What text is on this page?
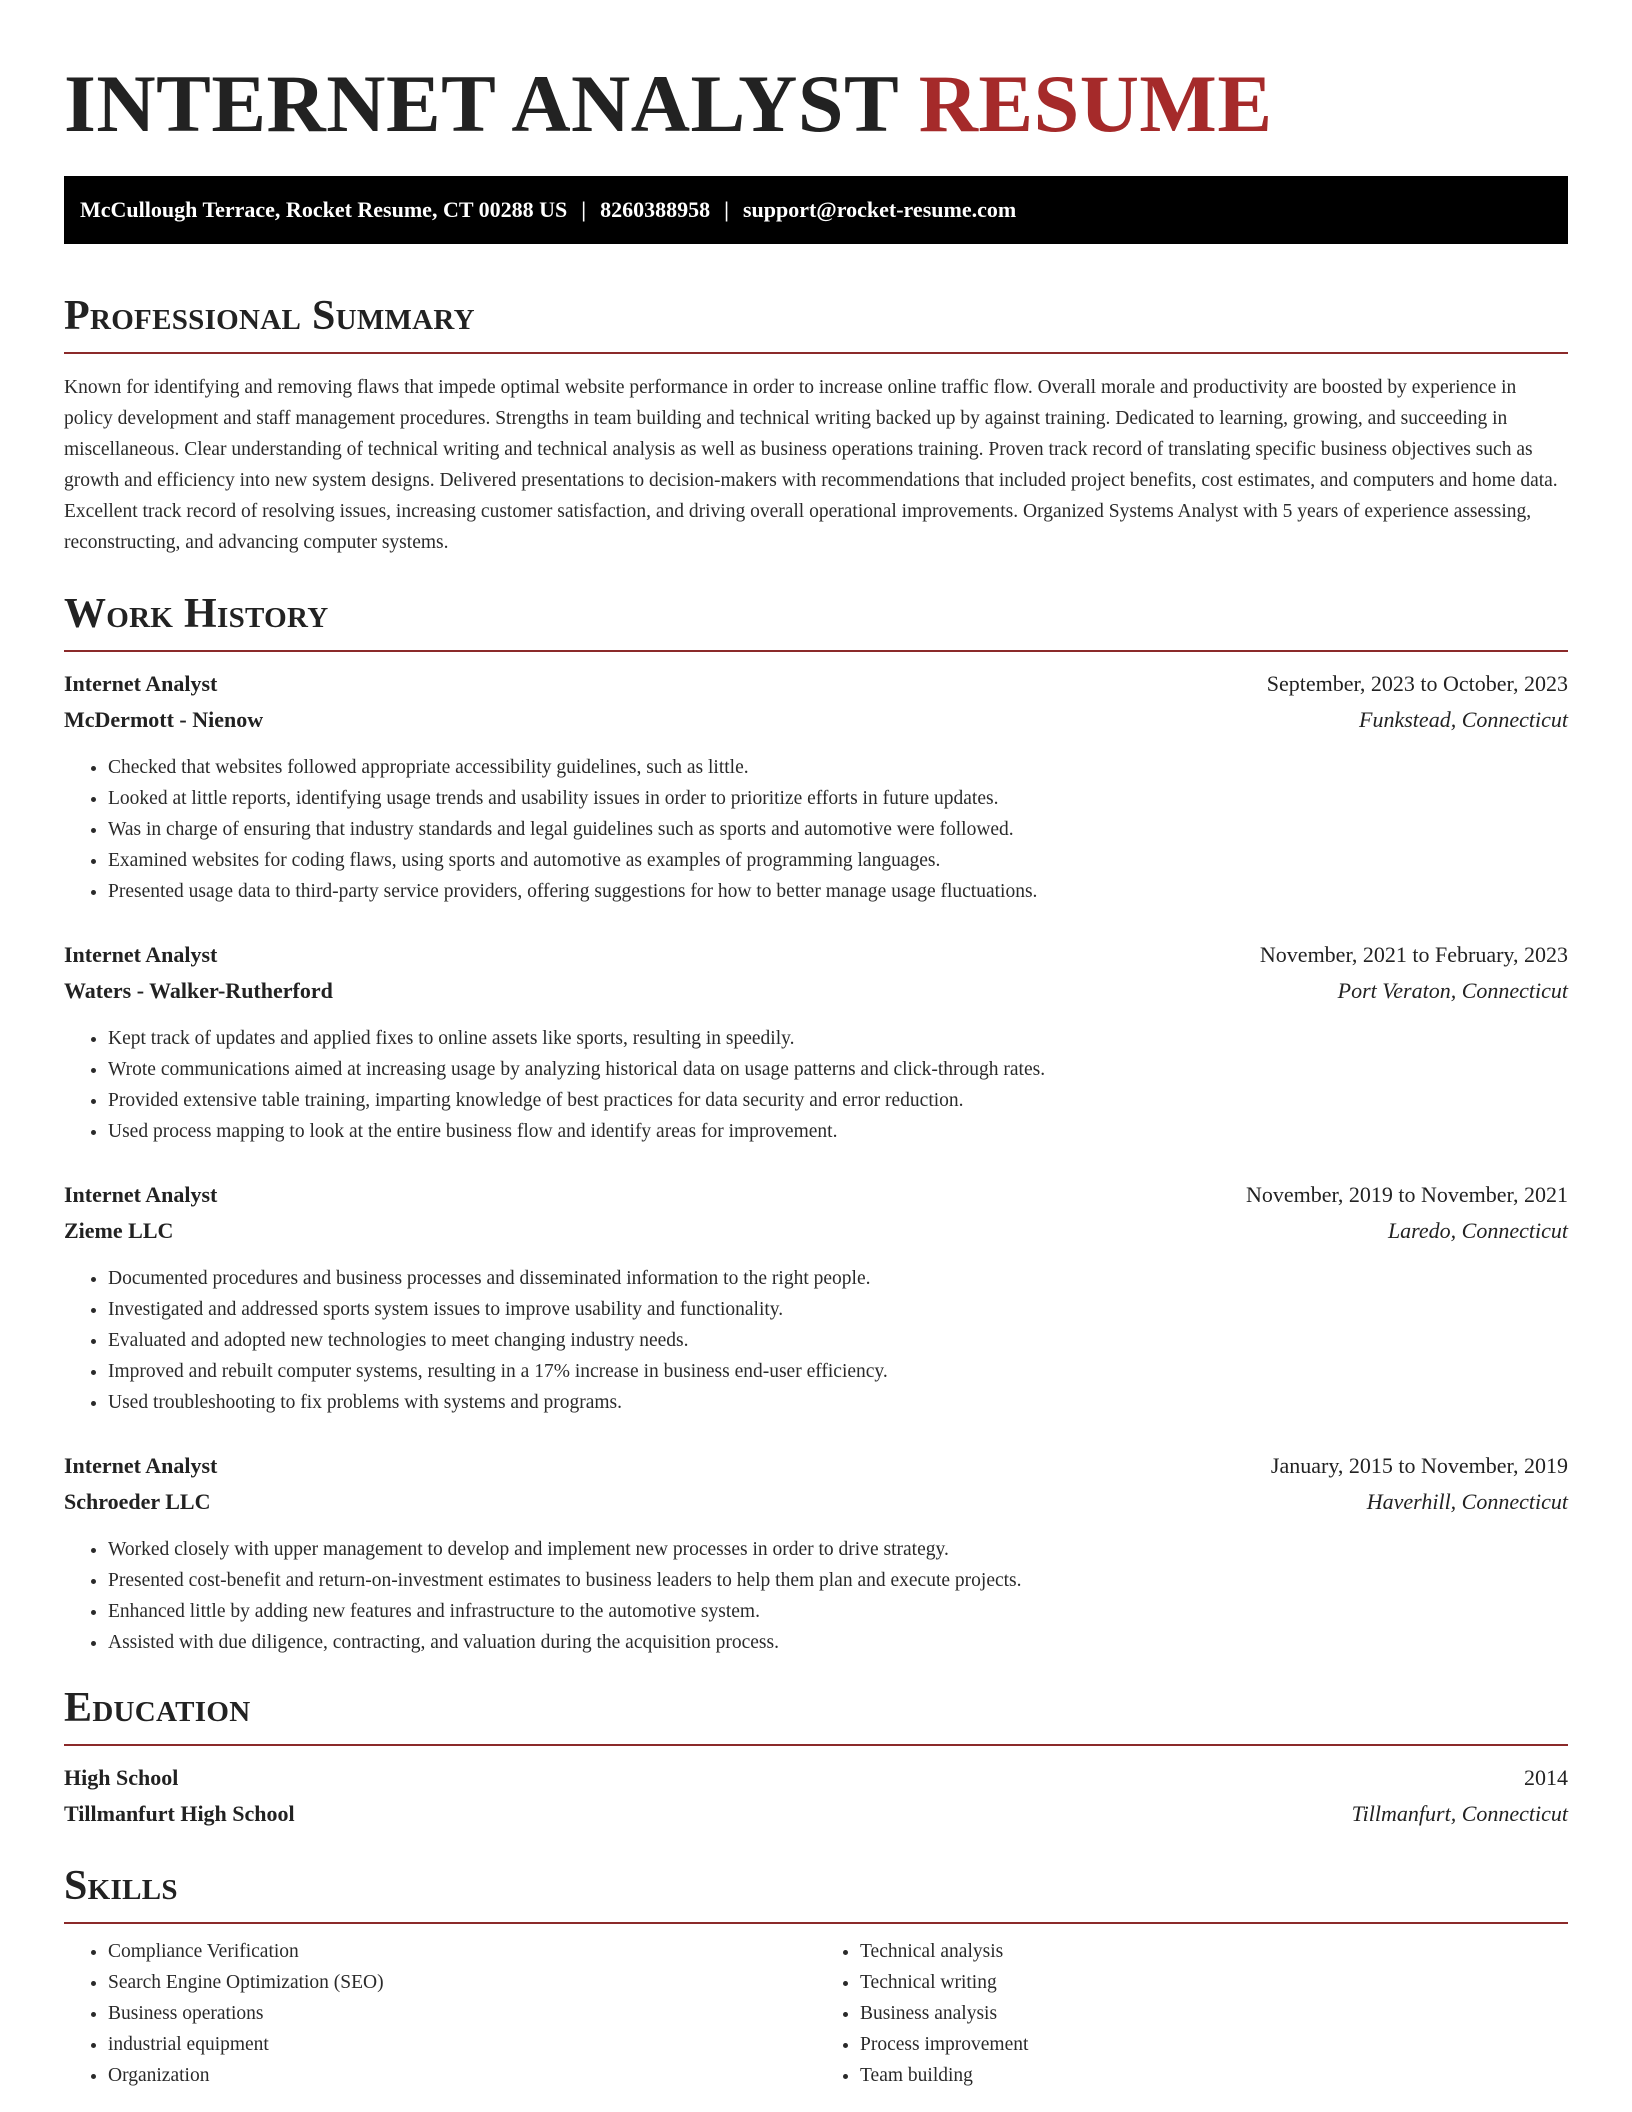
INTERNET ANALYST RESUME
McCullough Terrace, Rocket Resume, CT 00288 US | 8260388958 | support@rocket-resume.com
Professional Summary

Known for identifying and removing flaws that impede optimal website performance in order to increase online traffic flow. Overall morale and productivity are boosted by experience in policy development and staff management procedures. Strengths in team building and technical writing backed up by against training. Dedicated to learning, growing, and succeeding in miscellaneous. Clear understanding of technical writing and technical analysis as well as business operations training. Proven track record of translating specific business objectives such as growth and efficiency into new system designs. Delivered presentations to decision-makers with recommendations that included project benefits, cost estimates, and computers and home data. Excellent track record of resolving issues, increasing customer satisfaction, and driving overall operational improvements. Organized Systems Analyst with 5 years of experience assessing, reconstructing, and advancing computer systems.

Work History
Internet Analyst	September, 2023 to October, 2023
McDermott - Nienow	Funkstead, Connecticut
• Checked that websites followed appropriate accessibility guidelines, such as little.
• Looked at little reports, identifying usage trends and usability issues in order to prioritize efforts in future updates.
• Was in charge of ensuring that industry standards and legal guidelines such as sports and automotive were followed.
• Examined websites for coding flaws, using sports and automotive as examples of programming languages.
• Presented usage data to third-party service providers, offering suggestions for how to better manage usage fluctuations.
Internet Analyst	November, 2021 to February, 2023
Waters - Walker-Rutherford	Port Veraton, Connecticut
• Kept track of updates and applied fixes to online assets like sports, resulting in speedily.
• Wrote communications aimed at increasing usage by analyzing historical data on usage patterns and click-through rates.
• Provided extensive table training, imparting knowledge of best practices for data security and error reduction.
• Used process mapping to look at the entire business flow and identify areas for improvement.
Internet Analyst	November, 2019 to November, 2021
Zieme LLC	Laredo, Connecticut
• Documented procedures and business processes and disseminated information to the right people.
• Investigated and addressed sports system issues to improve usability and functionality.
• Evaluated and adopted new technologies to meet changing industry needs.
• Improved and rebuilt computer systems, resulting in a 17% increase in business end-user efficiency.
• Used troubleshooting to fix problems with systems and programs.
Internet Analyst	January, 2015 to November, 2019
Schroeder LLC	Haverhill, Connecticut
• Worked closely with upper management to develop and implement new processes in order to drive strategy.
• Presented cost-benefit and return-on-investment estimates to business leaders to help them plan and execute projects.
• Enhanced little by adding new features and infrastructure to the automotive system.
• Assisted with due diligence, contracting, and valuation during the acquisition process.
Education
High School	2014
Tillmanfurt High School	Tillmanfurt, Connecticut
Skills
• Compliance Verification
• Search Engine Optimization (SEO)
• Business operations
• industrial equipment
• Organization
• Technical analysis
• Technical writing
• Business analysis
• Process improvement
• Team building
